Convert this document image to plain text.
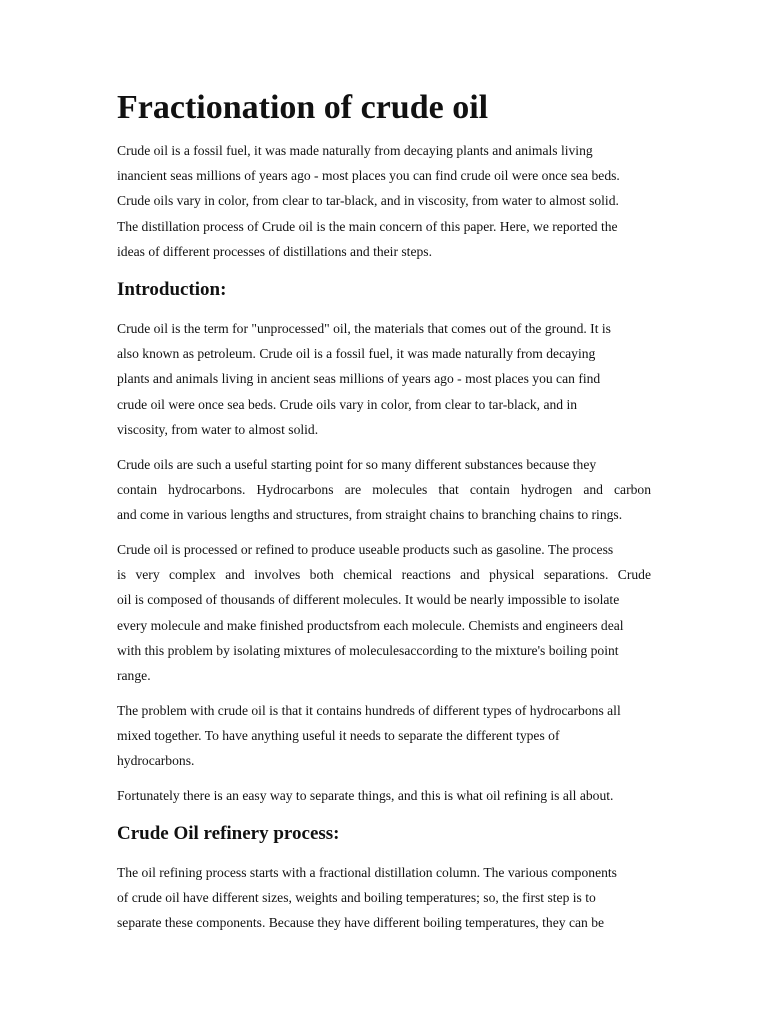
Fractionation of crude oil
Crude oil is a fossil fuel, it was made naturally from decaying plants and animals living
inancient seas millions of years ago - most places you can find crude oil were once sea beds.
Crude oils vary in color, from clear to tar-black, and in viscosity, from water to almost solid.
The distillation process of Crude oil is the main concern of this paper. Here, we reported the
ideas of different processes of distillations and their steps.
Introduction:
Crude oil is the term for "unprocessed" oil, the materials that comes out of the ground. It is
also known as petroleum. Crude oil is a fossil fuel, it was made naturally from decaying
plants and animals living in ancient seas millions of years ago - most places you can find
crude oil were once sea beds. Crude oils vary in color, from clear to tar-black, and in
viscosity, from water to almost solid.
Crude oils are such a useful starting point for so many different substances because they
contain hydrocarbons. Hydrocarbons are molecules that contain hydrogen and carbon
and come in various lengths and structures, from straight chains to branching chains to rings.
Crude oil is processed or refined to produce useable products such as gasoline. The process
is very complex and involves both chemical reactions and physical separations. Crude
oil is composed of thousands of different molecules. It would be nearly impossible to isolate
every molecule and make finished productsfrom each molecule. Chemists and engineers deal
with this problem by isolating mixtures of moleculesaccording to the mixture's boiling point
range.
The problem with crude oil is that it contains hundreds of different types of hydrocarbons all
mixed together. To have anything useful it needs to separate the different types of
hydrocarbons.
Fortunately there is an easy way to separate things, and this is what oil refining is all about.
Crude Oil refinery process:
The oil refining process starts with a fractional distillation column. The various components
of crude oil have different sizes, weights and boiling temperatures; so, the first step is to
separate these components. Because they have different boiling temperatures, they can be
